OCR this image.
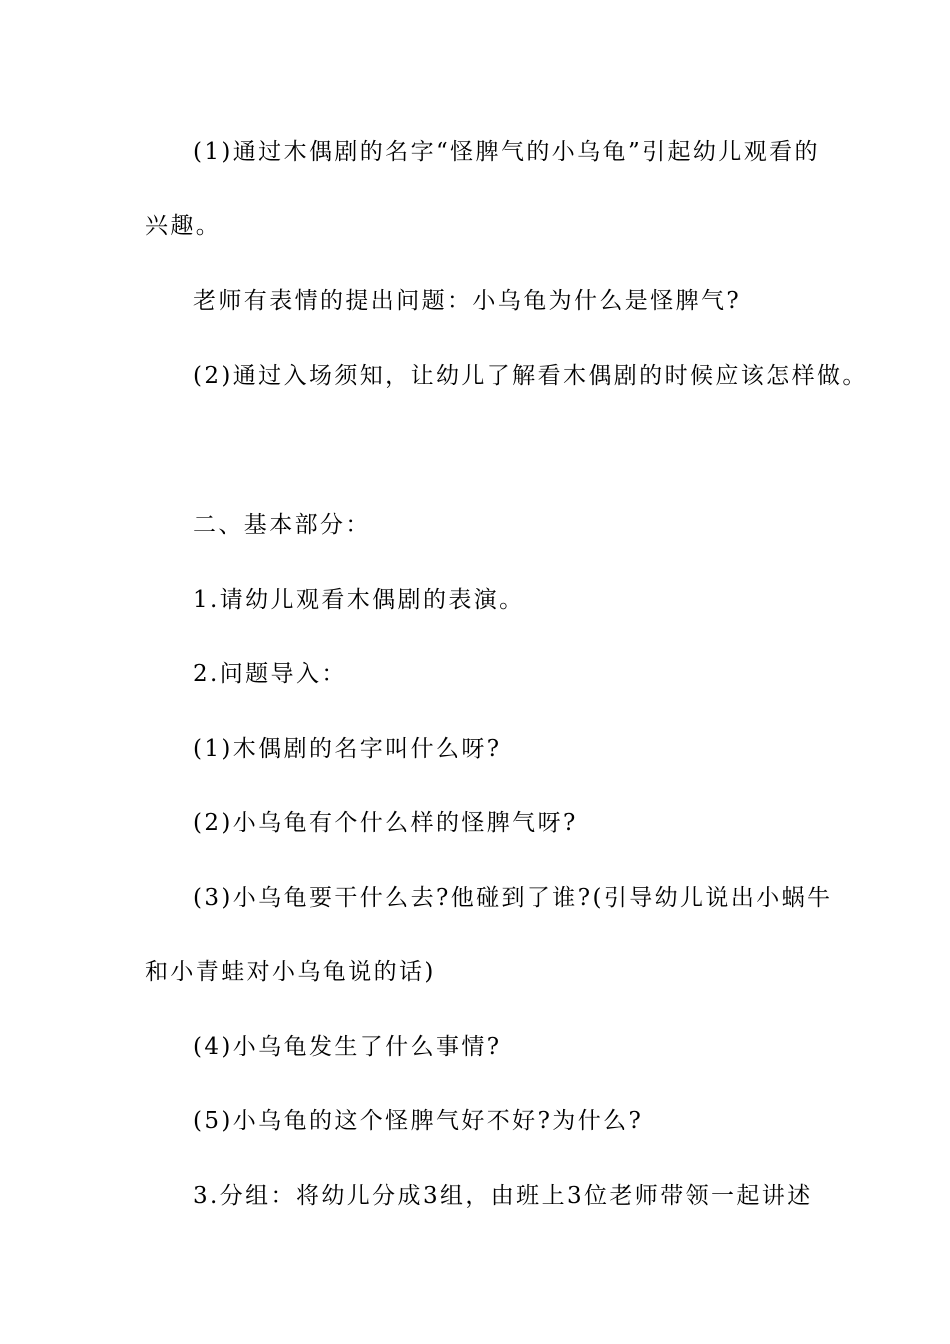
(1)通过木偶剧的名字“怪脾气的小乌龟”引起幼儿观看的
兴趣。
老师有表情的提出问题：小乌龟为什么是怪脾气?
(2)通过入场须知，让幼儿了解看木偶剧的时候应该怎样做。
二、基本部分：
1.请幼儿观看木偶剧的表演。
2.问题导入：
(1)木偶剧的名字叫什么呀?
(2)小乌龟有个什么样的怪脾气呀?
(3)小乌龟要干什么去?他碰到了谁?(引导幼儿说出小蜗牛
和小青蛙对小乌龟说的话)
(4)小乌龟发生了什么事情?
(5)小乌龟的这个怪脾气好不好?为什么?
3.分组：将幼儿分成3组，由班上3位老师带领一起讲述
